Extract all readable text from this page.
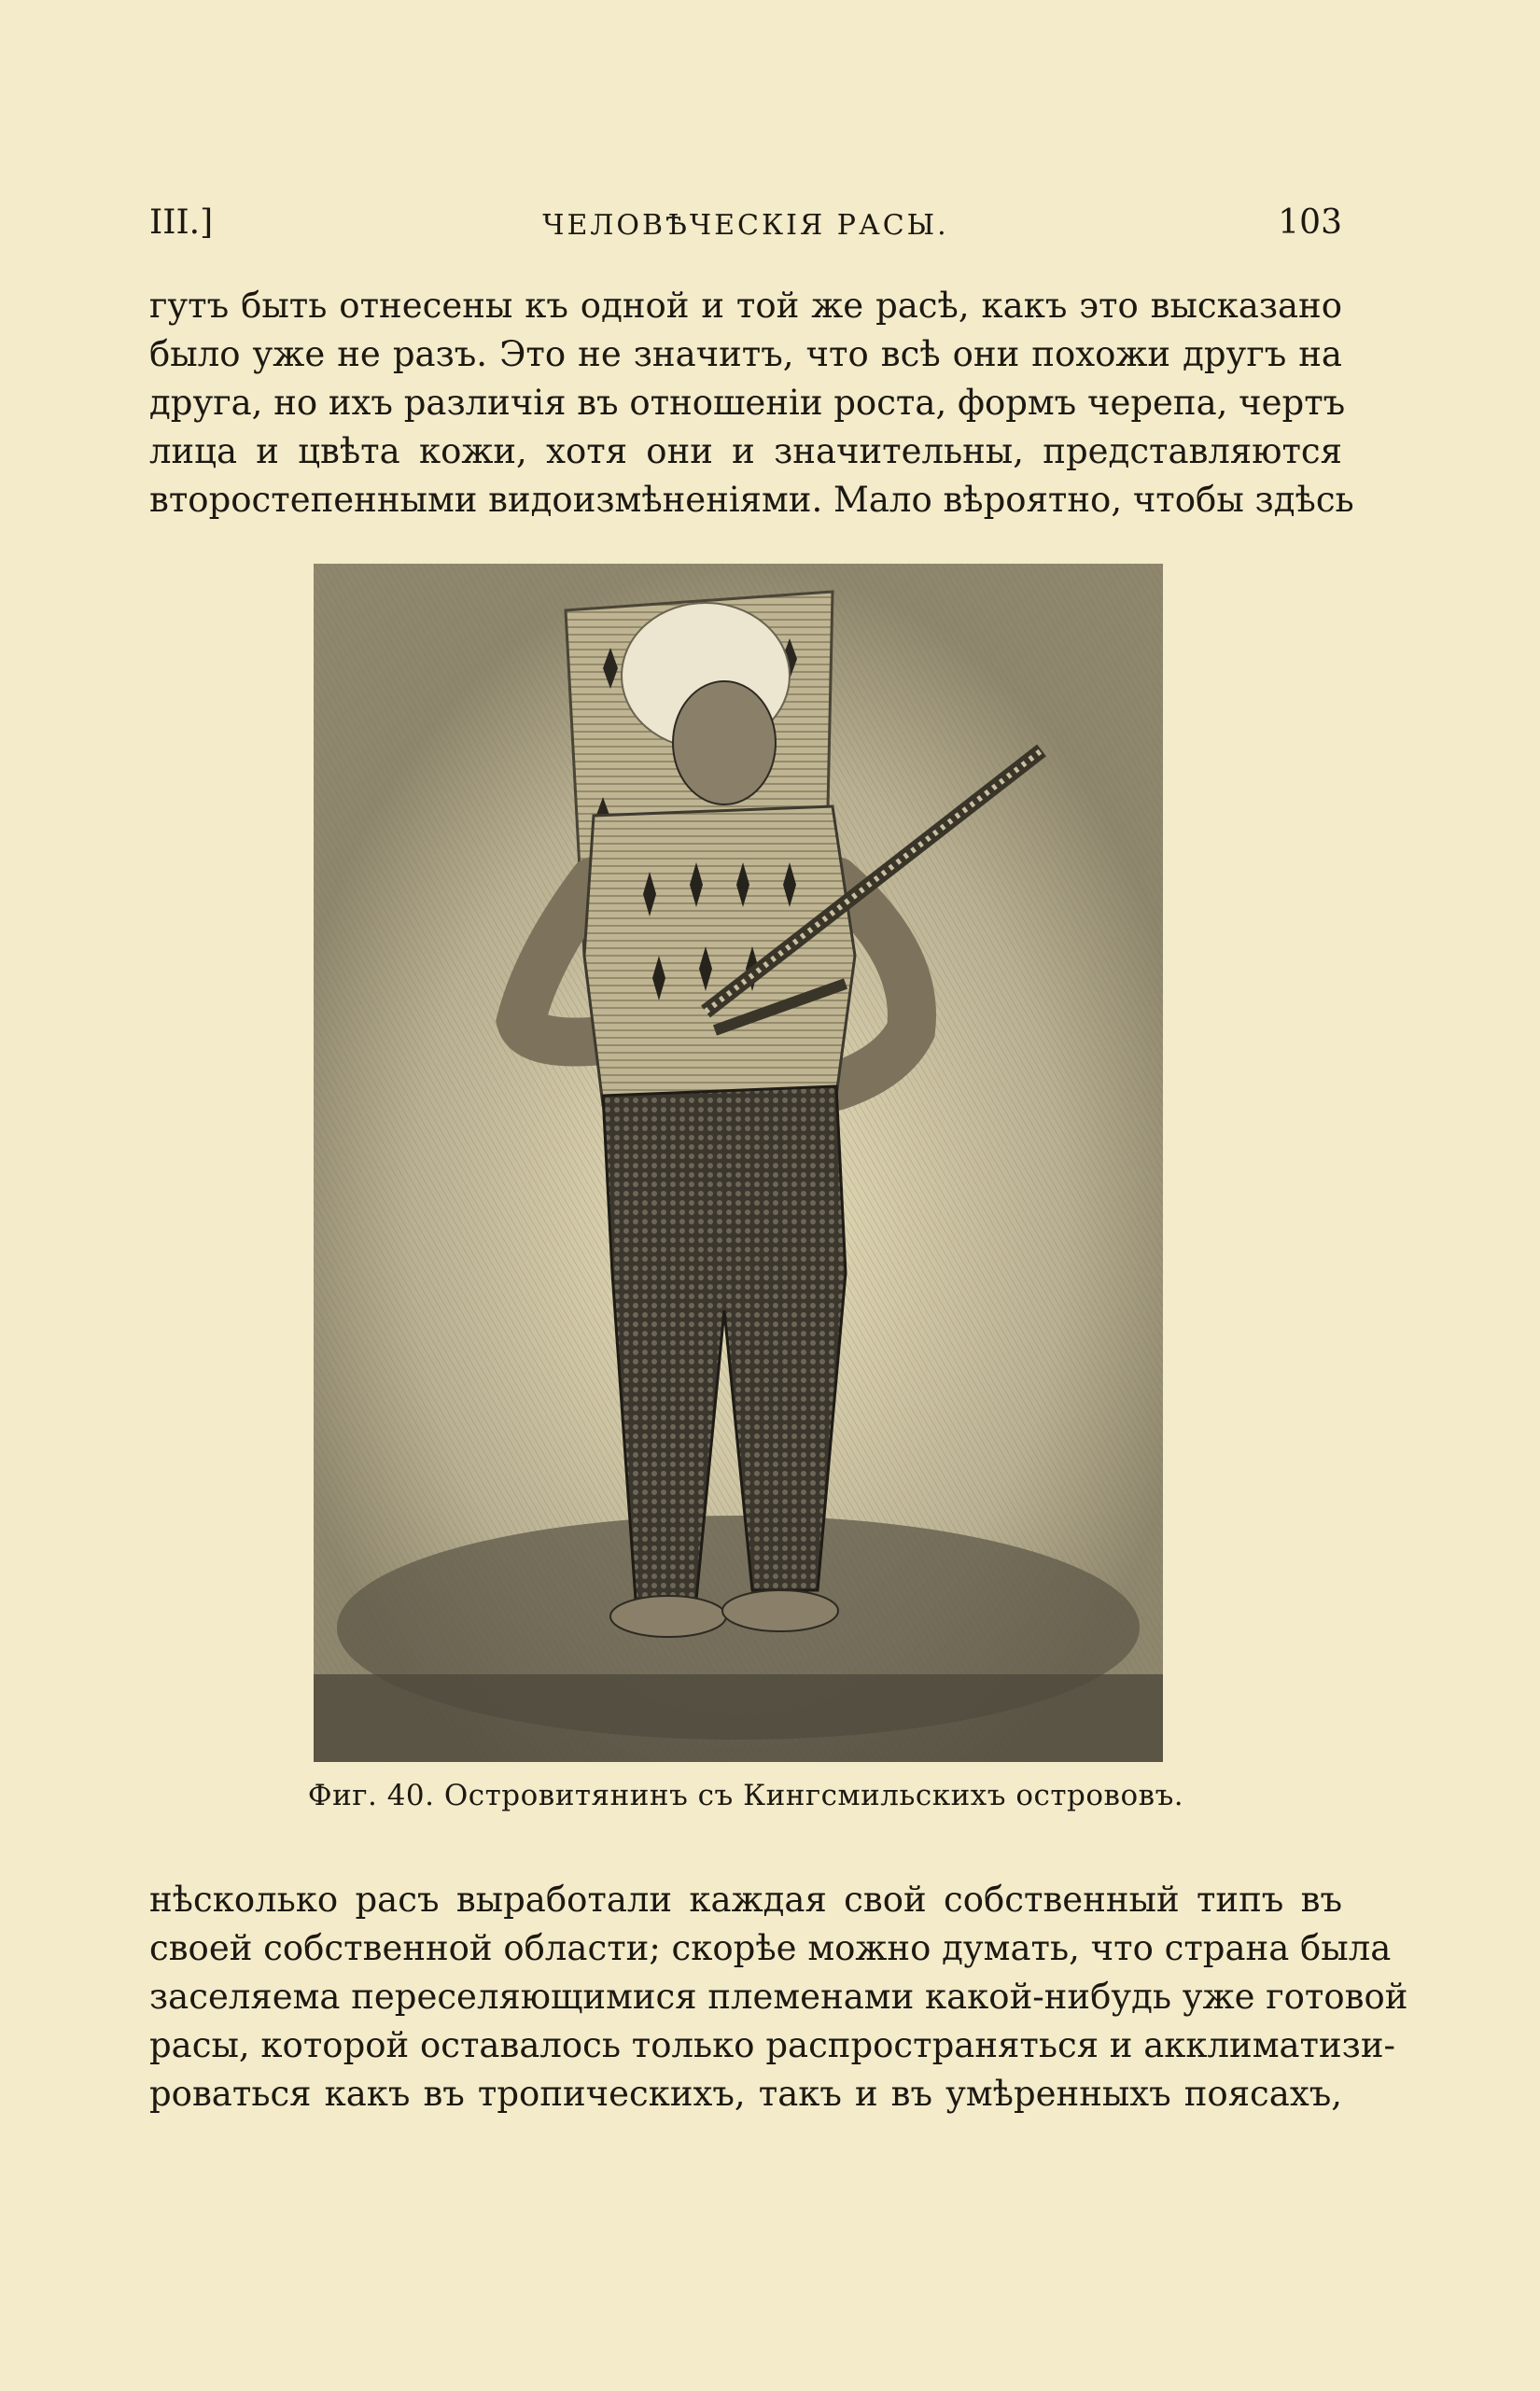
III.]	ЧЕЛОВѢЧЕСКІЯ РАСЫ.	103
гутъ быть отнесены къ одной и той же расѣ, какъ это высказано
было уже не разъ. Это не значитъ, что всѣ они похожи другъ на
друга, но ихъ различія въ отношеніи роста, формъ черепа, чертъ
лица и цвѣта кожи, хотя они и значительны, представляются
второстепенными видоизмѣненіями. Мало вѣроятно, чтобы здѣсь
Фиг. 40. Островитянинъ съ Кингсмильскихъ острововъ.
нѣсколько расъ выработали каждая свой собственный типъ въ
своей собственной области; скорѣе можно думать, что страна была
заселяема переселяющимися племенами какой-нибудь уже готовой
расы, которой оставалось только распространяться и акклиматизи-
роваться какъ въ тропическихъ, такъ и въ умѣренныхъ поясахъ,
